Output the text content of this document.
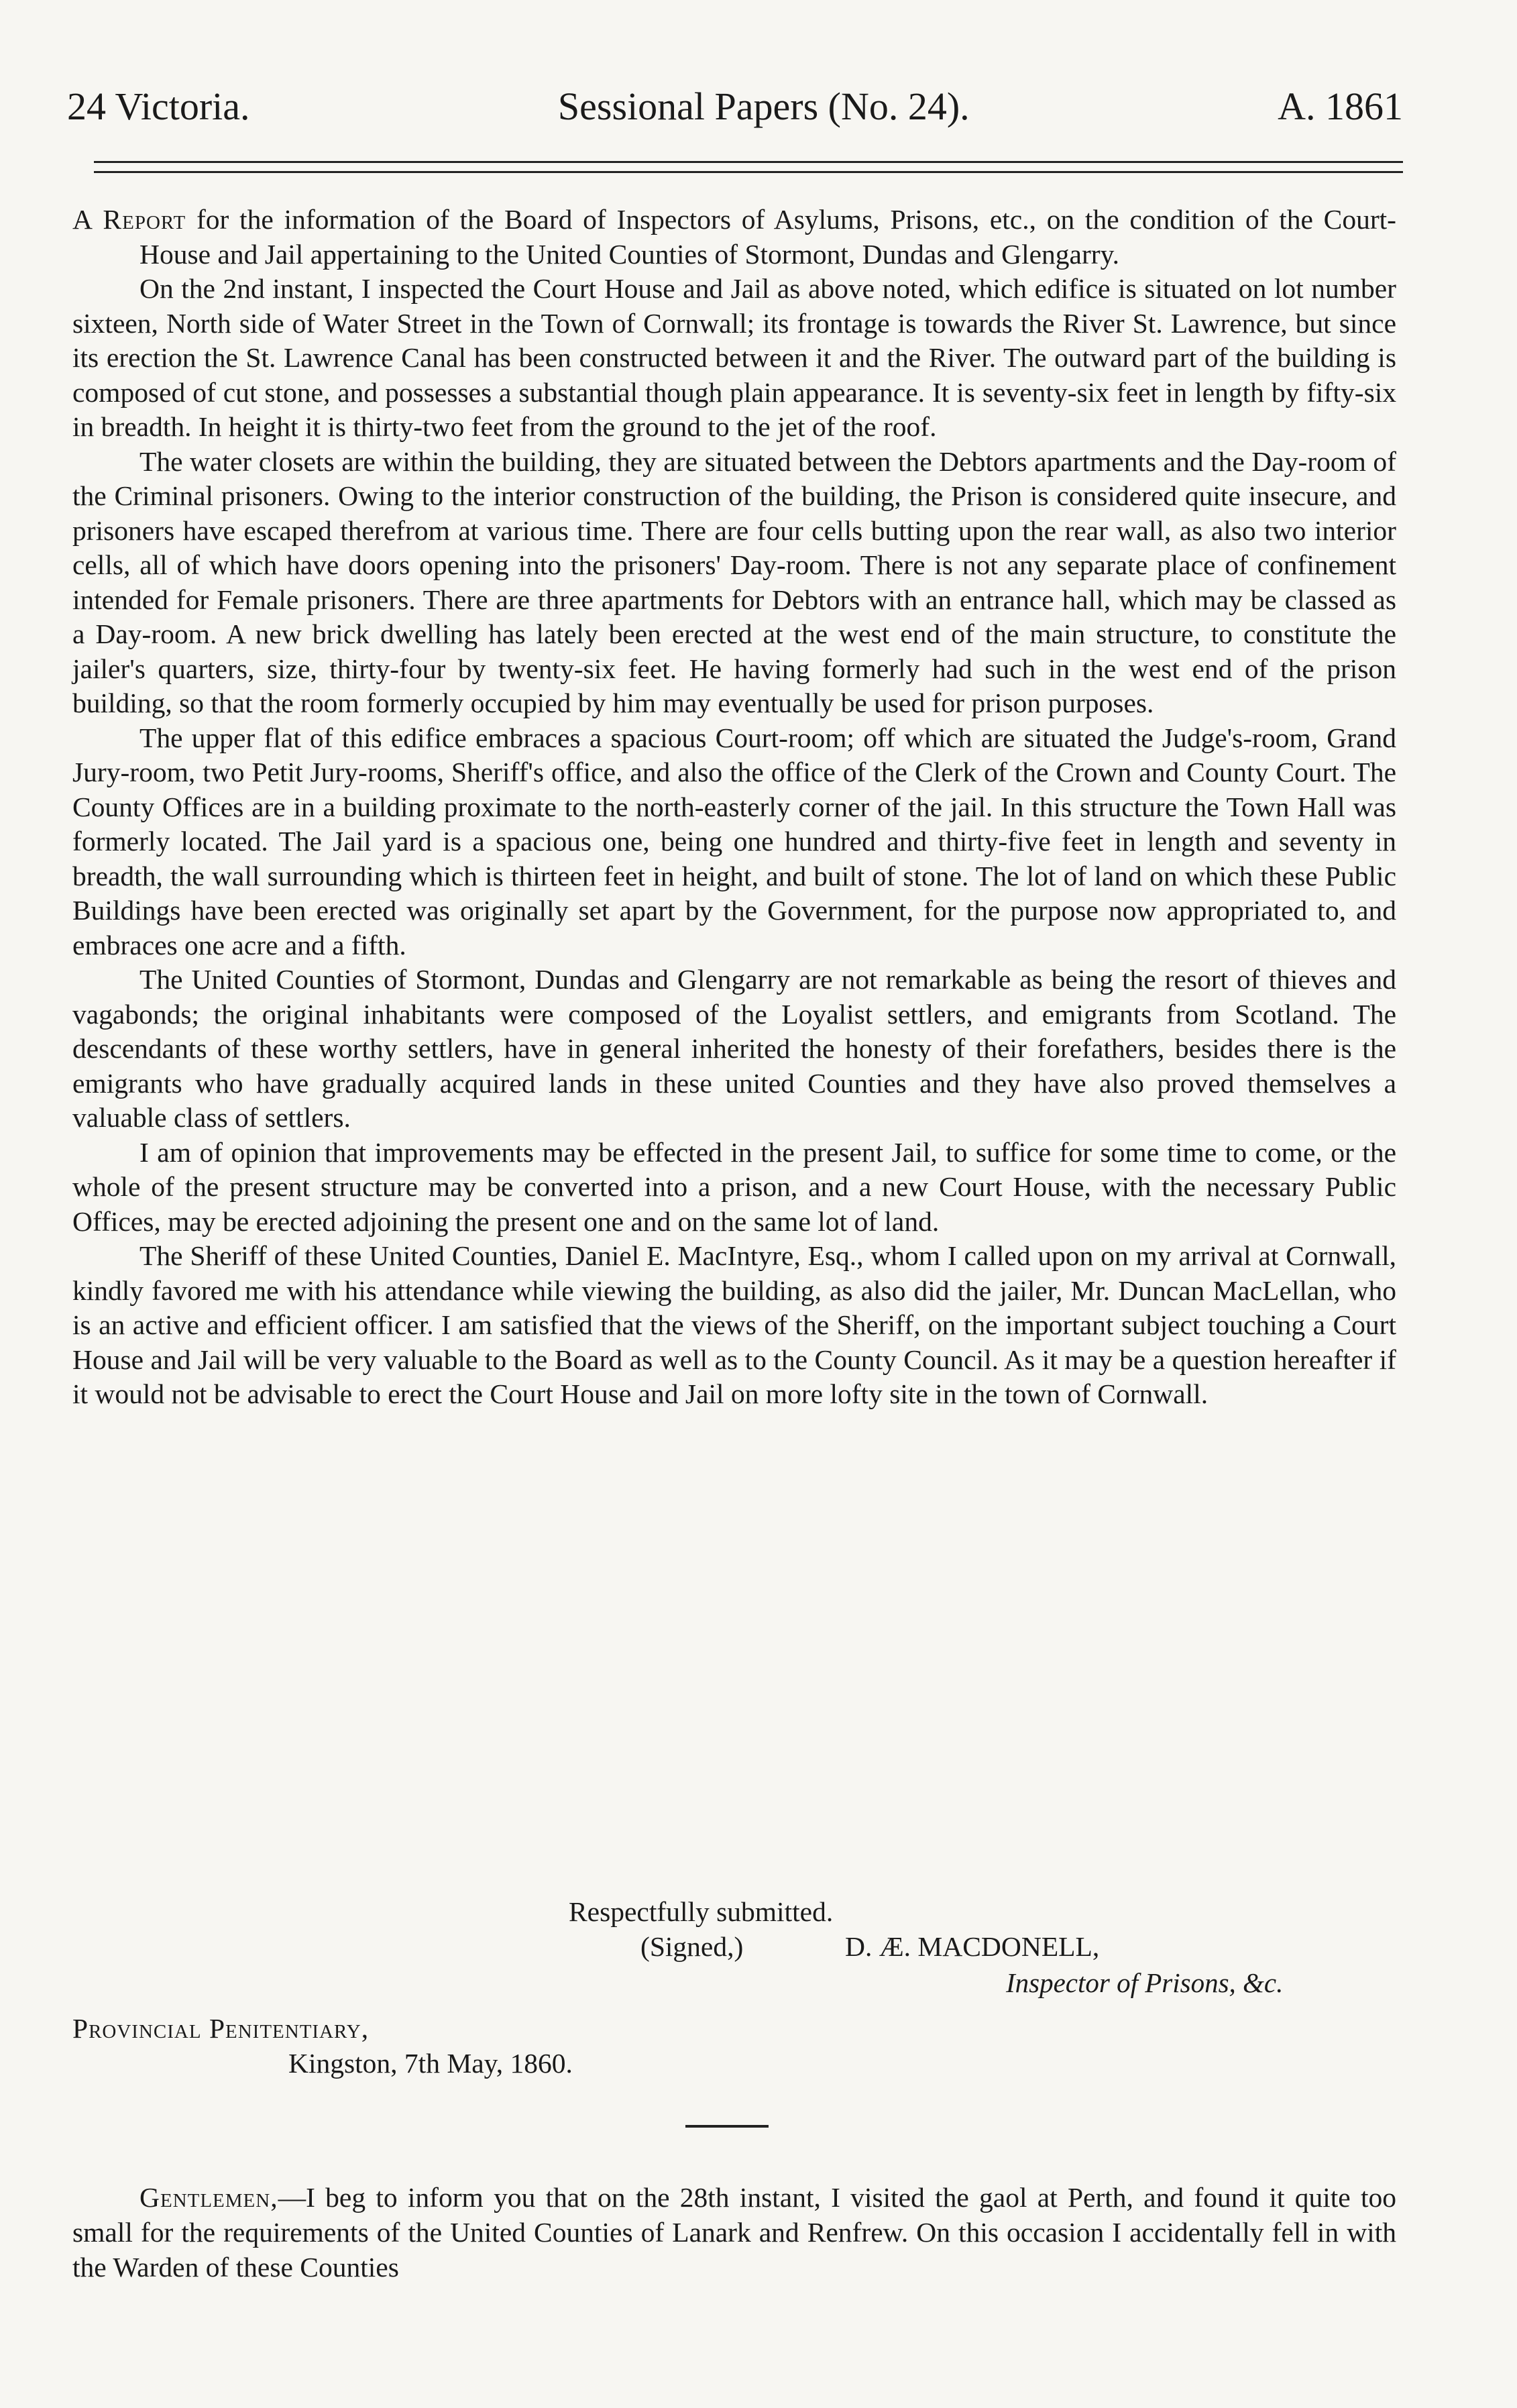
24 Victoria.	Sessional Papers (No. 24).	A. 1861

A Report for the information of the Board of Inspectors of Asylums, Prisons, etc., on the condition of the Court-House and Jail appertaining to the United Counties of Stormont, Dundas and Glengarry.

On the 2nd instant, I inspected the Court House and Jail as above noted, which edifice is situated on lot number sixteen, North side of Water Street in the Town of Cornwall; its frontage is towards the River St. Lawrence, but since its erection the St. Lawrence Canal has been constructed between it and the River. The outward part of the building is composed of cut stone, and possesses a substantial though plain appearance. It is seventy-six feet in length by fifty-six in breadth. In height it is thirty-two feet from the ground to the jet of the roof.

The water closets are within the building, they are situated between the Debtors apartments and the Day-room of the Criminal prisoners. Owing to the interior construction of the building, the Prison is considered quite insecure, and prisoners have escaped therefrom at various time. There are four cells butting upon the rear wall, as also two interior cells, all of which have doors opening into the prisoners' Day-room. There is not any separate place of confinement intended for Female prisoners. There are three apartments for Debtors with an entrance hall, which may be classed as a Day-room. A new brick dwelling has lately been erected at the west end of the main structure, to constitute the jailer's quarters, size, thirty-four by twenty-six feet. He having formerly had such in the west end of the prison building, so that the room formerly occupied by him may eventually be used for prison purposes.

The upper flat of this edifice embraces a spacious Court-room; off which are situated the Judge's-room, Grand Jury-room, two Petit Jury-rooms, Sheriff's office, and also the office of the Clerk of the Crown and County Court. The County Offices are in a building proximate to the north-easterly corner of the jail. In this structure the Town Hall was formerly located. The Jail yard is a spacious one, being one hundred and thirty-five feet in length and seventy in breadth, the wall surrounding which is thirteen feet in height, and built of stone. The lot of land on which these Public Buildings have been erected was originally set apart by the Government, for the purpose now appropriated to, and embraces one acre and a fifth.

The United Counties of Stormont, Dundas and Glengarry are not remarkable as being the resort of thieves and vagabonds; the original inhabitants were composed of the Loyalist settlers, and emigrants from Scotland. The descendants of these worthy settlers, have in general inherited the honesty of their forefathers, besides there is the emigrants who have gradually acquired lands in these united Counties and they have also proved themselves a valuable class of settlers.

I am of opinion that improvements may be effected in the present Jail, to suffice for some time to come, or the whole of the present structure may be converted into a prison, and a new Court House, with the necessary Public Offices, may be erected adjoining the present one and on the same lot of land.

The Sheriff of these United Counties, Daniel E. MacIntyre, Esq., whom I called upon on my arrival at Cornwall, kindly favored me with his attendance while viewing the building, as also did the jailer, Mr. Duncan MacLellan, who is an active and efficient officer. I am satisfied that the views of the Sheriff, on the important subject touching a Court House and Jail will be very valuable to the Board as well as to the County Council. As it may be a question hereafter if it would not be advisable to erect the Court House and Jail on more lofty site in the town of Cornwall.

Respectfully submitted.
(Signed,)	D. Æ. MACDONELL,
Inspector of Prisons, &c.
Provincial Penitentiary,
Kingston, 7th May, 1860.

Gentlemen,—I beg to inform you that on the 28th instant, I visited the gaol at Perth, and found it quite too small for the requirements of the United Counties of Lanark and Renfrew. On this occasion I accidentally fell in with the Warden of these Counties
